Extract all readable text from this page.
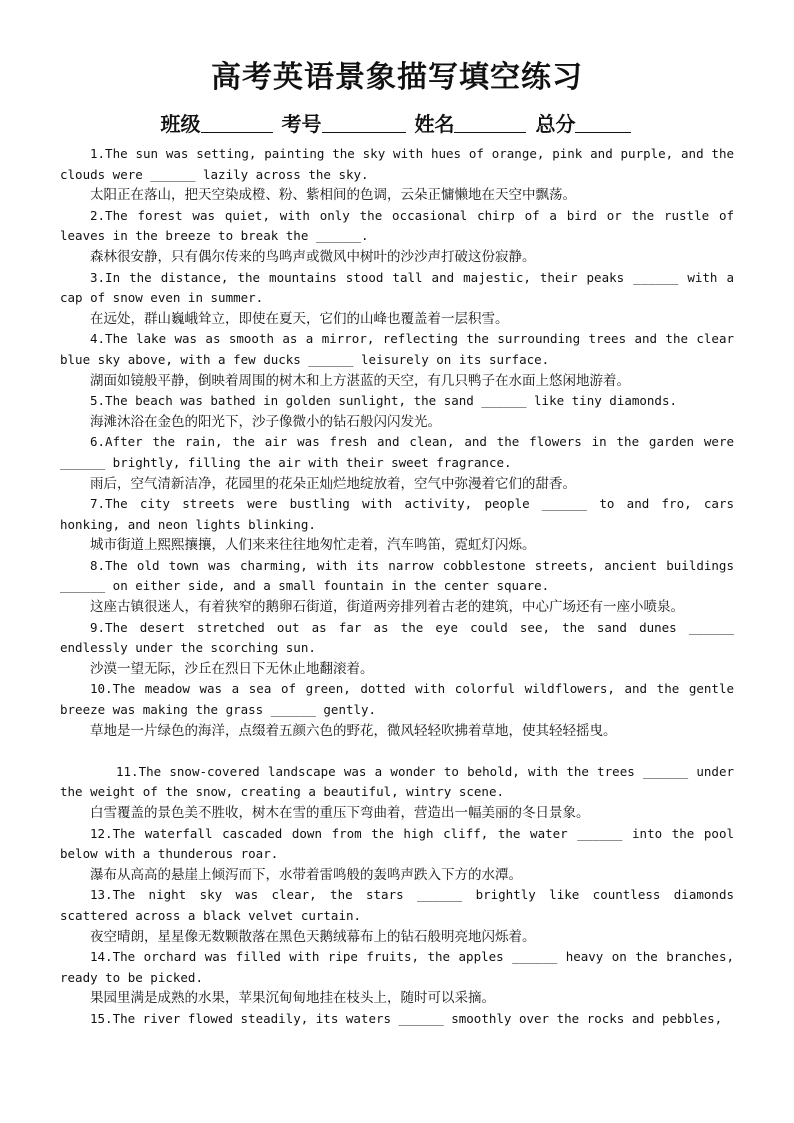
高考英语景象描写填空练习
班级	考号	姓名	总分

1.The sun was setting, painting the sky with hues of orange, pink and purple, and the clouds were ______ lazily across the sky.

太阳正在落山，把天空染成橙、粉、紫相间的色调，云朵正慵懒地在天空中飘荡。

2.The forest was quiet, with only the occasional chirp of a bird or the rustle of leaves in the breeze to break the ______.

森林很安静，只有偶尔传来的鸟鸣声或微风中树叶的沙沙声打破这份寂静。

3.In the distance, the mountains stood tall and majestic, their peaks ______ with a cap of snow even in summer.

在远处，群山巍峨耸立，即使在夏天，它们的山峰也覆盖着一层积雪。

4.The lake was as smooth as a mirror, reflecting the surrounding trees and the clear blue sky above, with a few ducks ______ leisurely on its surface.

湖面如镜般平静，倒映着周围的树木和上方湛蓝的天空，有几只鸭子在水面上悠闲地游着。

5.The beach was bathed in golden sunlight, the sand ______ like tiny diamonds.

海滩沐浴在金色的阳光下，沙子像微小的钻石般闪闪发光。

6.After the rain, the air was fresh and clean, and the flowers in the garden were ______ brightly, filling the air with their sweet fragrance.

雨后，空气清新洁净，花园里的花朵正灿烂地绽放着，空气中弥漫着它们的甜香。

7.The city streets were bustling with activity, people ______ to and fro, cars honking, and neon lights blinking.

城市街道上熙熙攘攘，人们来来往往地匆忙走着，汽车鸣笛，霓虹灯闪烁。

8.The old town was charming, with its narrow cobblestone streets, ancient buildings ______ on either side, and a small fountain in the center square.

这座古镇很迷人，有着狭窄的鹅卵石街道，街道两旁排列着古老的建筑，中心广场还有一座小喷泉。

9.The desert stretched out as far as the eye could see, the sand dunes ______ endlessly under the scorching sun.

沙漠一望无际，沙丘在烈日下无休止地翻滚着。

10.The meadow was a sea of green, dotted with colorful wildflowers, and the gentle breeze was making the grass ______ gently.

草地是一片绿色的海洋，点缀着五颜六色的野花，微风轻轻吹拂着草地，使其轻轻摇曳。

11.The snow-covered landscape was a wonder to behold, with the trees ______ under the weight of the snow, creating a beautiful, wintry scene.

白雪覆盖的景色美不胜收，树木在雪的重压下弯曲着，营造出一幅美丽的冬日景象。

12.The waterfall cascaded down from the high cliff, the water ______ into the pool below with a thunderous roar.

瀑布从高高的悬崖上倾泻而下，水带着雷鸣般的轰鸣声跌入下方的水潭。

13.The night sky was clear, the stars ______ brightly like countless diamonds scattered across a black velvet curtain.

夜空晴朗，星星像无数颗散落在黑色天鹅绒幕布上的钻石般明亮地闪烁着。

14.The orchard was filled with ripe fruits, the apples ______ heavy on the branches, ready to be picked.

果园里满是成熟的水果，苹果沉甸甸地挂在枝头上，随时可以采摘。

15.The river flowed steadily, its waters ______ smoothly over the rocks and pebbles,
